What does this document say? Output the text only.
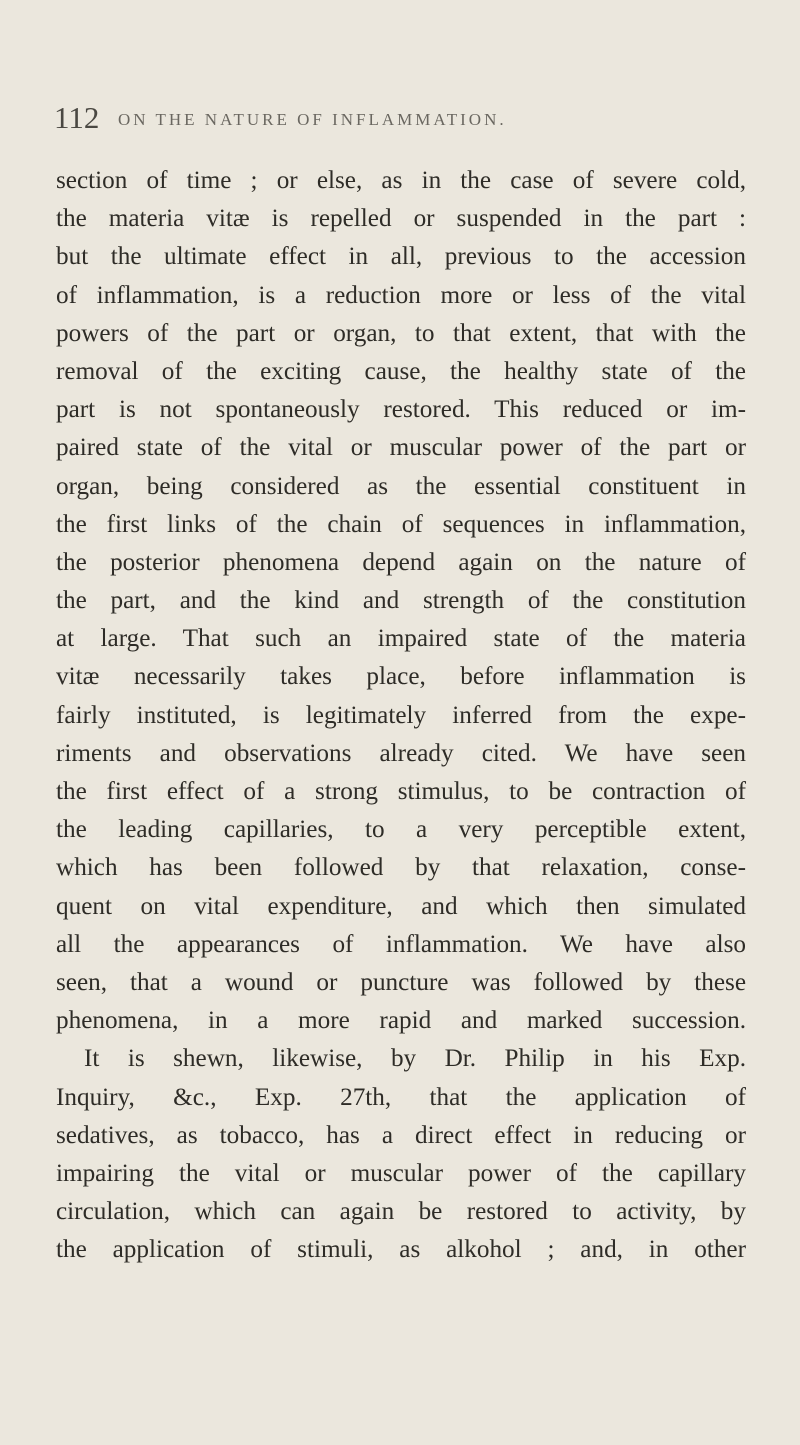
112 ON THE NATURE OF INFLAMMATION.
section of time ; or else, as in the case of severe cold,
the materia vitæ is repelled or suspended in the part :
but the ultimate effect in all, previous to the accession
of inflammation, is a reduction more or less of the vital
powers of the part or organ, to that extent, that with the
removal of the exciting cause, the healthy state of the
part is not spontaneously restored. This reduced or im-
paired state of the vital or muscular power of the part or
organ, being considered as the essential constituent in
the first links of the chain of sequences in inflammation,
the posterior phenomena depend again on the nature of
the part, and the kind and strength of the constitution
at large. That such an impaired state of the materia
vitæ necessarily takes place, before inflammation is
fairly instituted, is legitimately inferred from the expe-
riments and observations already cited. We have seen
the first effect of a strong stimulus, to be contraction of
the leading capillaries, to a very perceptible extent,
which has been followed by that relaxation, conse-
quent on vital expenditure, and which then simulated
all the appearances of inflammation. We have also
seen, that a wound or puncture was followed by these
phenomena, in a more rapid and marked succession.
It is shewn, likewise, by Dr. Philip in his Exp.
Inquiry, &c., Exp. 27th, that the application of
sedatives, as tobacco, has a direct effect in reducing or
impairing the vital or muscular power of the capillary
circulation, which can again be restored to activity, by
the application of stimuli, as alkohol ; and, in other
